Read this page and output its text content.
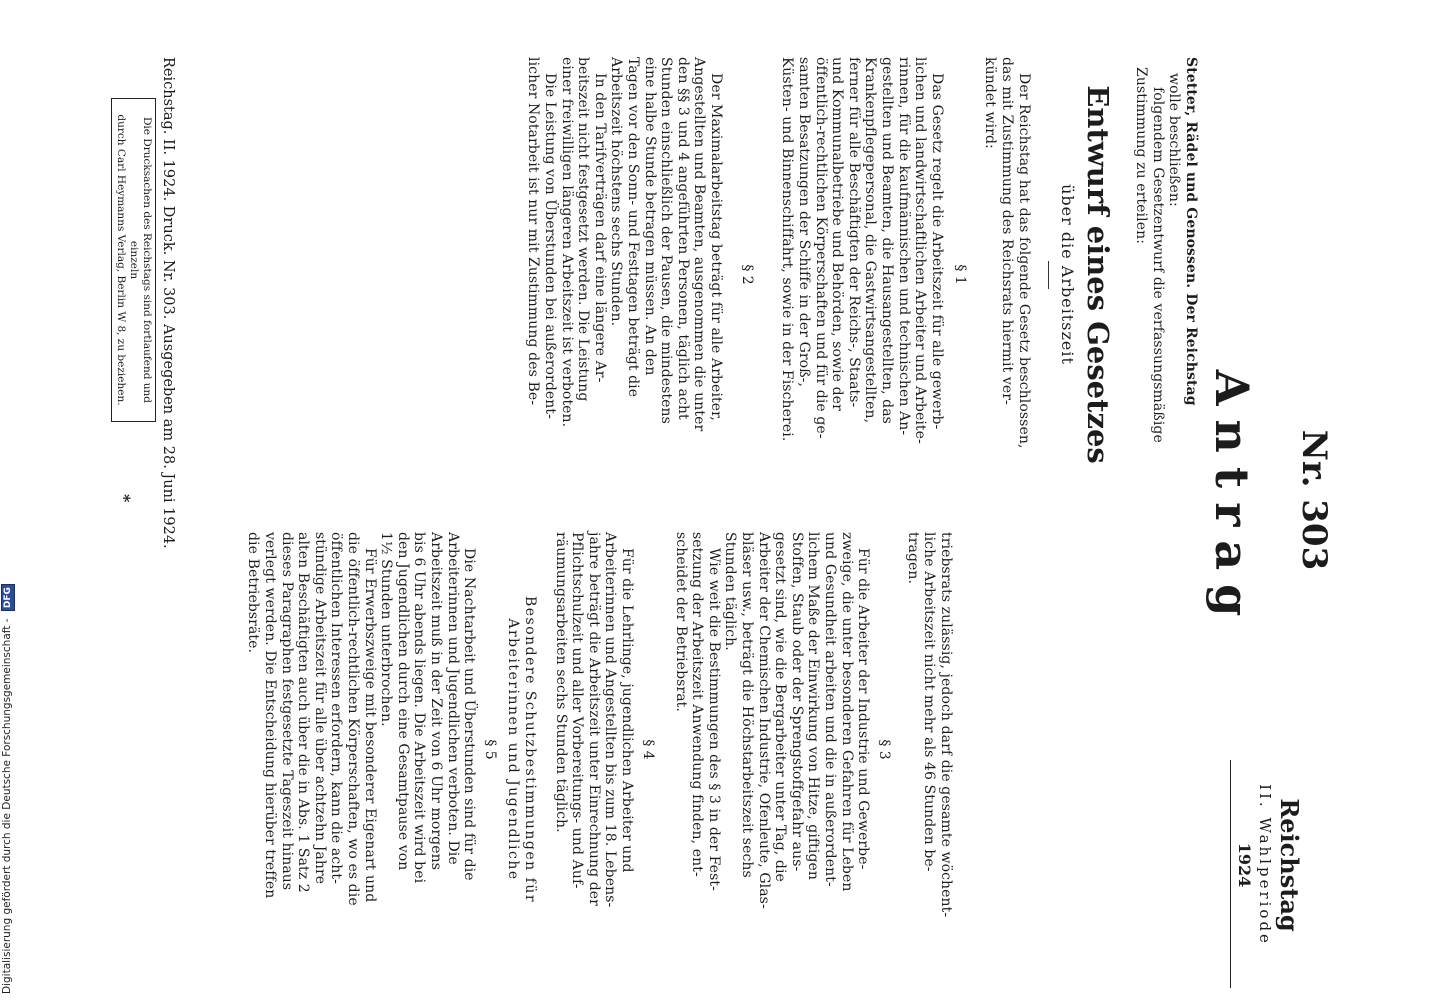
Reichstag
II. Wahlperiode
1924
Nr. 303
Antrag
Stetter, Rädel und Genossen. Der Reichstag
wolle beschließen:
folgendem Gesetzentwurf die verfassungsmäßige
Zustimmung zu erteilen:
Entwurf eines Gesetzes
über die Arbeitszeit
Der Reichstag hat das folgende Gesetz beschlossen,
das mit Zustimmung des Reichsrats hiermit ver-
kündet wird:
§ 1
Das Gesetz regelt die Arbeitszeit für alle gewerb-
lichen und landwirtschaftlichen Arbeiter und Arbeite-
rinnen, für die kaufmännischen und technischen An-
gestellten und Beamten, die Hausangestellten, das
Krankenpflegepersonal, die Gastwirtsangestellten,
ferner für alle Beschäftigten der Reichs-, Staats-
und Kommunalbetriebe und Behörden, sowie der
öffentlich-rechtlichen Körperschaften und für die ge-
samten Besatzungen der Schiffe in der Groß-,
Küsten- und Binnenschiffahrt, sowie in der Fischerei.
§ 2
Der Maximalarbeitstag beträgt für alle Arbeiter,
Angestellten und Beamten, ausgenommen die unter
den §§ 3 und 4 angeführten Personen, täglich acht
Stunden einschließlich der Pausen, die mindestens
eine halbe Stunde betragen müssen. An den
Tagen vor den Sonn- und Festtagen beträgt die
Arbeitszeit höchstens sechs Stunden.
In den Tarifverträgen darf eine längere Ar-
beitszeit nicht festgesetzt werden. Die Leistung
einer freiwilligen längeren Arbeitszeit ist verboten.
Die Leistung von Überstunden bei außerordent-
licher Notarbeit ist nur mit Zustimmung des Be-
triebsrats zulässig, jedoch darf die gesamte wöchent-
liche Arbeitszeit nicht mehr als 46 Stunden be-
tragen.
§ 3
Für die Arbeiter der Industrie und Gewerbe-
zweige, die unter besonderen Gefahren für Leben
und Gesundheit arbeiten und die in außerordent-
lichem Maße der Einwirkung von Hitze, giftigen
Stoffen, Staub oder der Sprengstoffgefahr aus-
gesetzt sind, wie die Bergarbeiter unter Tag, die
Arbeiter der Chemischen Industrie, Ofenleute, Glas-
bläser usw., beträgt die Höchstarbeitszeit sechs
Stunden täglich.
Wie weit die Bestimmungen des § 3 in der Fest-
setzung der Arbeitszeit Anwendung finden, ent-
scheidet der Betriebsrat.
§ 4
Für die Lehrlinge, jugendlichen Arbeiter und
Arbeiterinnen und Angestellten bis zum 18. Lebens-
jahre beträgt die Arbeitszeit unter Einrechnung der
Pflichtschulzeit und aller Vorbereitungs- und Auf-
räumungsarbeiten sechs Stunden täglich.
Besondere Schutzbestimmungen für
Arbeiterinnen und Jugendliche
§ 5
Die Nachtarbeit und Überstunden sind für die
Arbeiterinnen und Jugendlichen verboten. Die
Arbeitszeit muß in der Zeit von 6 Uhr morgens
bis 6 Uhr abends liegen. Die Arbeitszeit wird bei
den Jugendlichen durch eine Gesamtpause von
1½ Stunden unterbrochen.
Für Erwerbszweige mit besonderer Eigenart und
die öffentlich-rechtlichen Körperschaften, wo es die
öffentlichen Interessen erfordern, kann die acht-
stündige Arbeitszeit für alle über achtzehn Jahre
alten Beschäftigten auch über die in Abs. 1 Satz 2
dieses Paragraphen festgesetzte Tageszeit hinaus
verlegt werden. Die Entscheidung hierüber treffen
die Betriebsräte.
Reichstag. II. 1924. Druck. Nr. 303. Ausgegeben am 28. Juni 1924.
Die Drucksachen des Reichstags sind fortlaufend und einzeln
durch Carl Heymanns Verlag, Berlin W 8, zu beziehen.
*
Digitalisierung gefördert durch die Deutsche Forschungsgemeinschaft - DFG
